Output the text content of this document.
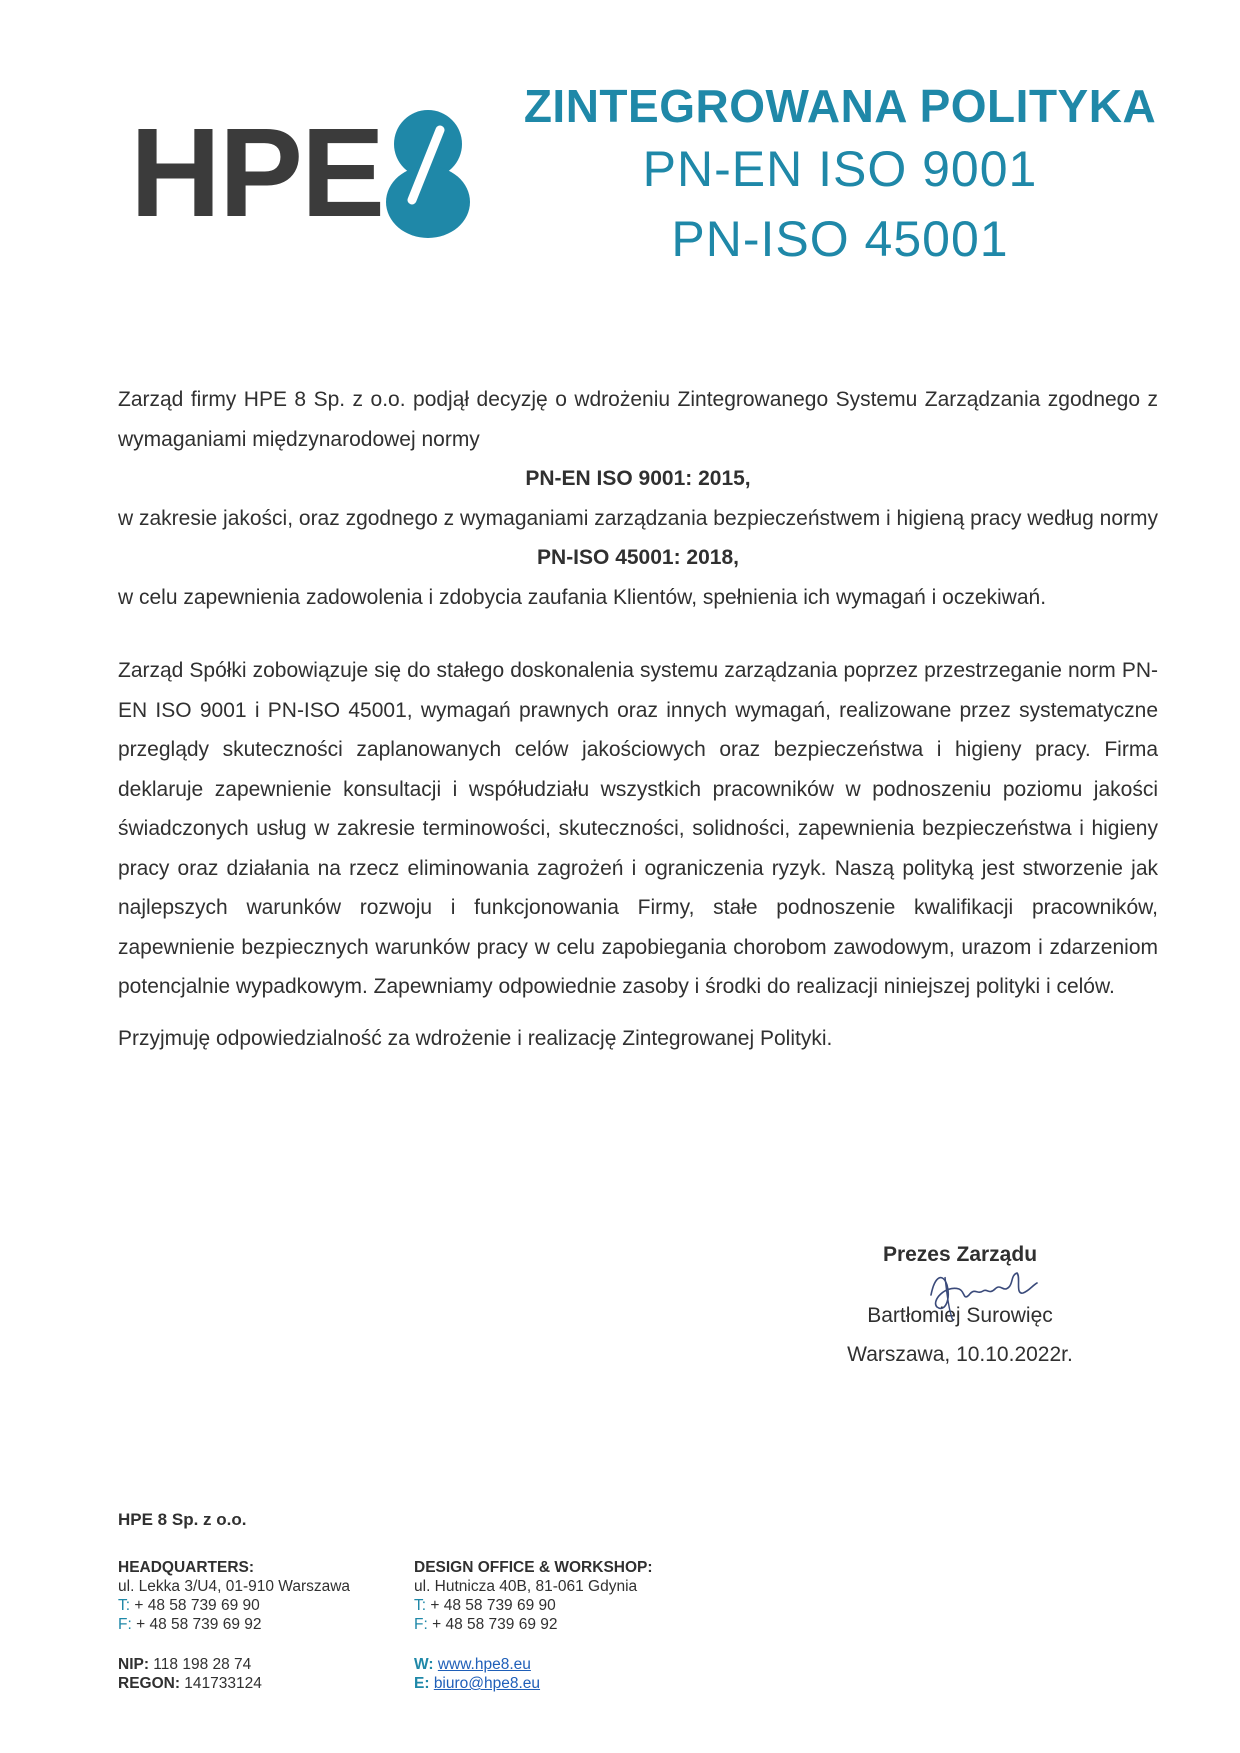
HPE	ZINTEGROWANA POLITYKA
PN-EN ISO 9001
PN-ISO 45001

Zarząd firmy HPE 8 Sp. z o.o. podjął decyzję o wdrożeniu Zintegrowanego Systemu Zarządzania zgodnego z wymaganiami międzynarodowej normy

PN-EN ISO 9001: 2015,

w zakresie jakości, oraz zgodnego z wymaganiami zarządzania bezpieczeństwem i higieną pracy według normy

PN-ISO 45001: 2018,

w celu zapewnienia zadowolenia i zdobycia zaufania Klientów, spełnienia ich wymagań i oczekiwań.

Zarząd Spółki zobowiązuje się do stałego doskonalenia systemu zarządzania poprzez przestrzeganie norm PN-EN ISO 9001 i PN-ISO 45001, wymagań prawnych oraz innych wymagań, realizowane przez systematyczne przeglądy skuteczności zaplanowanych celów jakościowych oraz bezpieczeństwa i higieny pracy. Firma deklaruje zapewnienie konsultacji i współudziału wszystkich pracowników w podnoszeniu poziomu jakości świadczonych usług w zakresie terminowości, skuteczności, solidności, zapewnienia bezpieczeństwa i higieny pracy oraz działania na rzecz eliminowania zagrożeń i ograniczenia ryzyk. Naszą polityką jest stworzenie jak najlepszych warunków rozwoju i funkcjonowania Firmy, stałe podnoszenie kwalifikacji pracowników, zapewnienie bezpiecznych warunków pracy w celu zapobiegania chorobom zawodowym, urazom i zdarzeniom potencjalnie wypadkowym. Zapewniamy odpowiednie zasoby i środki do realizacji niniejszej polityki i celów.

Przyjmuję odpowiedzialność za wdrożenie i realizację Zintegrowanej Polityki.

Prezes Zarządu
Bartłomiej Surowięc
Warszawa, 10.10.2022r.
HPE 8 Sp. z o.o.
HEADQUARTERS:
ul. Lekka 3/U4, 01-910 Warszawa
T: + 48 58 739 69 90
F: + 48 58 739 69 92
DESIGN OFFICE & WORKSHOP:
ul. Hutnicza 40B, 81-061 Gdynia
T: + 48 58 739 69 90
F: + 48 58 739 69 92
NIP: 118 198 28 74
REGON: 141733124
W: www.hpe8.eu
E: biuro@hpe8.eu
